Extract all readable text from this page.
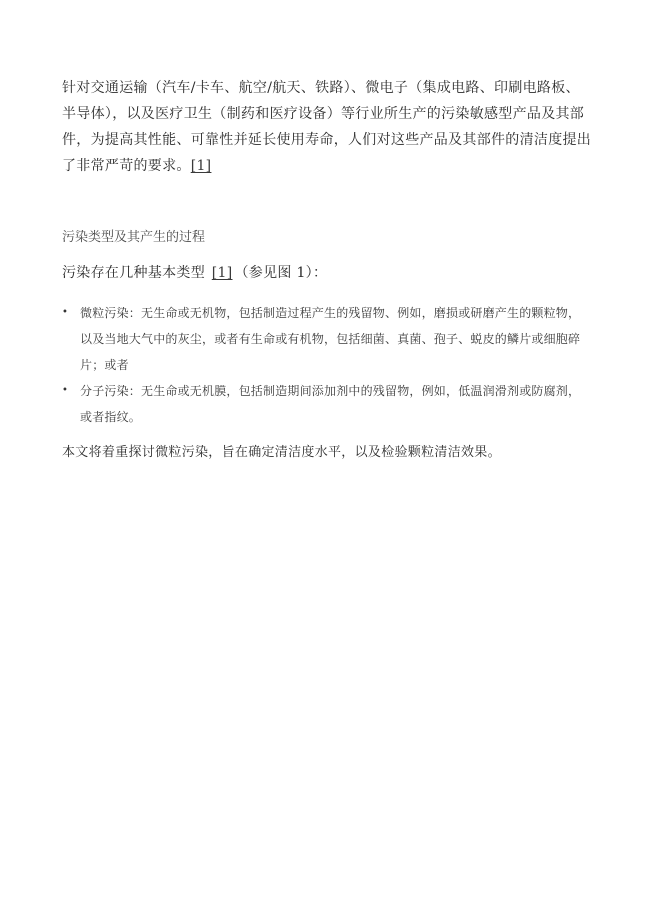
针对交通运输（汽车/卡车、航空/航天、铁路）、微电子（集成电路、印刷电路板、半导体），以及医疗卫生（制药和医疗设备）等行业所生产的污染敏感型产品及其部件，为提高其性能、可靠性并延长使用寿命，人们对这些产品及其部件的清洁度提出了非常严苛的要求。[1]

污染类型及其产生的过程

污染存在几种基本类型 [1] （参见图 1）：

• 微粒污染：无生命或无机物，包括制造过程产生的残留物、例如，磨损或研磨产生的颗粒物，以及当地大气中的灰尘，或者有生命或有机物，包括细菌、真菌、孢子、蜕皮的鳞片或细胞碎片；或者
• 分子污染：无生命或无机膜，包括制造期间添加剂中的残留物，例如，低温润滑剂或防腐剂，或者指纹。

本文将着重探讨微粒污染，旨在确定清洁度水平，以及检验颗粒清洁效果。
